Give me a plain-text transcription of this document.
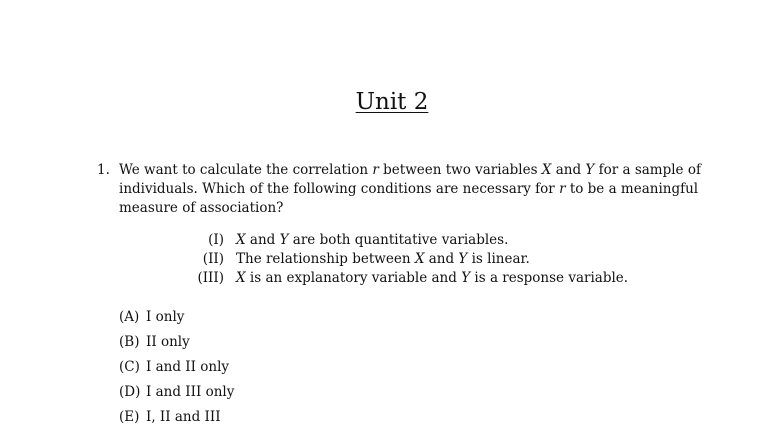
Unit 2
1. We want to calculate the correlation r between two variables X and Y for a sample of
individuals. Which of the following conditions are necessary for r to be a meaningful
measure of association?
(I) X and Y are both quantitative variables.
(II) The relationship between X and Y is linear.
(III) X is an explanatory variable and Y is a response variable.
(A) I only
(B) II only
(C) I and II only
(D) I and III only
(E) I, II and III
